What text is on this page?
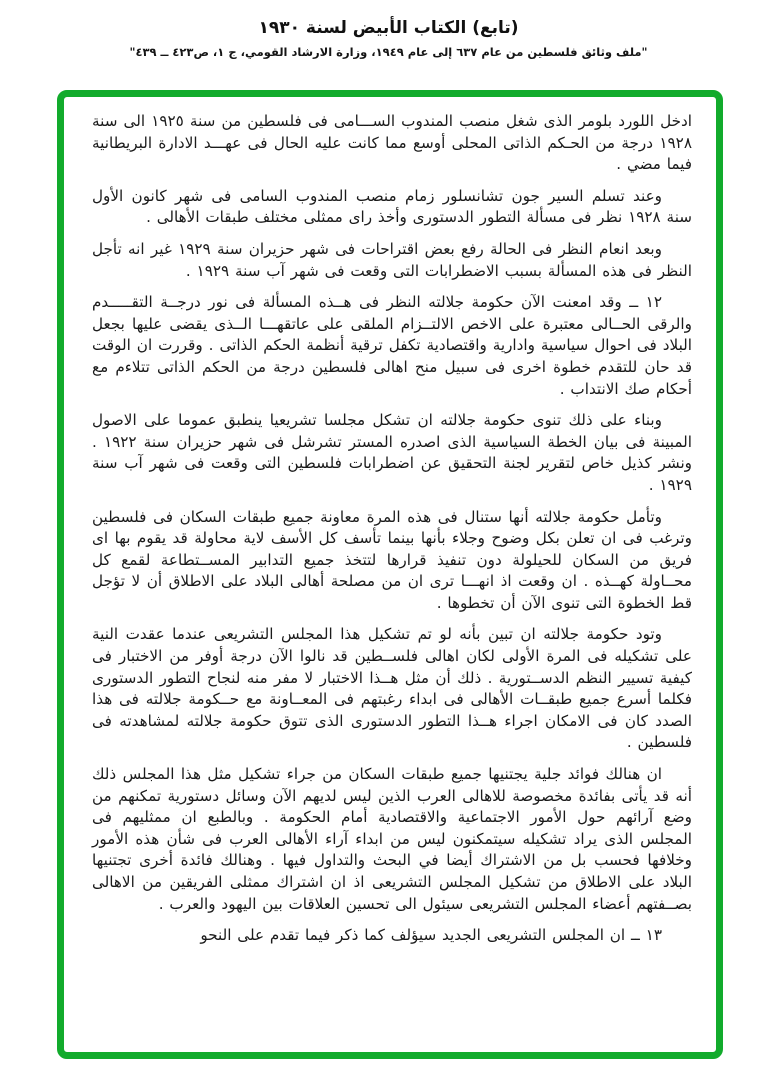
(تابع) الكتاب الأبيض لسنة ١٩٣٠
"ملف وثائق فلسطين من عام ٦٣٧ إلى عام ١٩٤٩، وزارة الارشاد القومي، ج ١، ص٤٢٣ ــ ٤٣٩"

ادخل اللورد بلومر الذى شغل منصب المندوب الســـامى فى فلسطين من سنة ١٩٢٥ الى سنة ١٩٢٨ درجة من الحـكم الذاتى المحلى أوسع مما كانت عليه الحال فى عهـــد الادارة البريطانية فيما مضي .

وعند تسلم السير جون تشانسلور زمام منصب المندوب السامى فى شهر كانون الأول سنة ١٩٢٨ نظر فى مسألة التطور الدستورى وأخذ راى ممثلى مختلف طبقات الأهالى .

وبعد انعام النظر فى الحالة رفع بعض اقتراحات فى شهر حزيران سنة ١٩٢٩ غير انه تأجل النظر فى هذه المسألة بسبب الاضطرابات التى وقعت فى شهر آب سنة ١٩٢٩ .

١٢ ــ وقد امعنت الآن حكومة جلالته النظر فى هــذه المسألة فى نور درجــة التقـــــدم والرقى الحــالى معتبرة على الاخص الالتــزام الملقى على عاتقهـــا الــذى يقضى عليها بجعل البلاد فى احوال سياسية وادارية واقتصادية تكفل ترقية أنظمة الحكم الذاتى . وقررت ان الوقت قد حان للتقدم خطوة اخرى فى سبيل منح اهالى فلسطين درجة من الحكم الذاتى تتلاءم مع أحكام صك الانتداب .

وبناء على ذلك تنوى حكومة جلالته ان تشكل مجلسا تشريعيا ينطبق عموما على الاصول المبينة فى بيان الخطة السياسية الذى اصدره المستر تشرشل فى شهر حزيران سنة ١٩٢٢ . ونشر كذيل خاص لتقرير لجنة التحقيق عن اضطرابات فلسطين التى وقعت فى شهر آب سنة ١٩٢٩ .

وتأمل حكومة جلالته أنها ستنال فى هذه المرة معاونة جميع طبقات السكان فى فلسطين وترغب فى ان تعلن بكل وضوح وجلاء بأنها بينما تأسف كل الأسف لاية محاولة قد يقوم بها اى فريق من السكان للحيلولة دون تنفيذ قرارها لتتخذ جميع التدابير المســتطاعة لقمع كل محــاولة كهــذه . ان وقعت اذ انهـــا ترى ان من مصلحة أهالى البلاد على الاطلاق أن لا تؤجل قط الخطوة التى تنوى الآن أن تخطوها .

وتود حكومة جلالته ان تبين بأنه لو تم تشكيل هذا المجلس التشريعى عندما عقدت النية على تشكيله فى المرة الأولى لكان اهالى فلســطين قد نالوا الآن درجة أوفر من الاختبار فى كيفية تسيير النظم الدســتورية . ذلك أن مثل هــذا الاختبار لا مفر منه لنجاح التطور الدستورى فكلما أسرع جميع طبقــات الأهالى فى ابداء رغبتهم فى المعــاونة مع حــكومة جلالته فى هذا الصدد كان فى الامكان اجراء هــذا التطور الدستورى الذى تتوق حكومة جلالته لمشاهدته فى فلسطين .

ان هنالك فوائد جلية يجتنيها جميع طبقات السكان من جراء تشكيل مثل هذا المجلس ذلك أنه قد يأتى بفائدة مخصوصة للاهالى العرب الذين ليس لديهم الآن وسائل دستورية تمكنهم من وضع آرائهم حول الأمور الاجتماعية والاقتصادية أمام الحكومة . وبالطبع ان ممثليهم فى المجلس الذى يراد تشكيله سيتمكنون ليس من ابداء آراء الأهالى العرب فى شأن هذه الأمور وخلافها فحسب بل من الاشتراك أيضا في البحث والتداول فيها . وهنالك فائدة أخرى تجتنيها البلاد على الاطلاق من تشكيل المجلس التشريعى اذ ان اشتراك ممثلى الفريقين من الاهالى بصــفتهم أعضاء المجلس التشريعى سيئول الى تحسين العلاقات بين اليهود والعرب .

١٣ ــ ان المجلس التشريعى الجديد سيؤلف كما ذكر فيما تقدم على النحو
